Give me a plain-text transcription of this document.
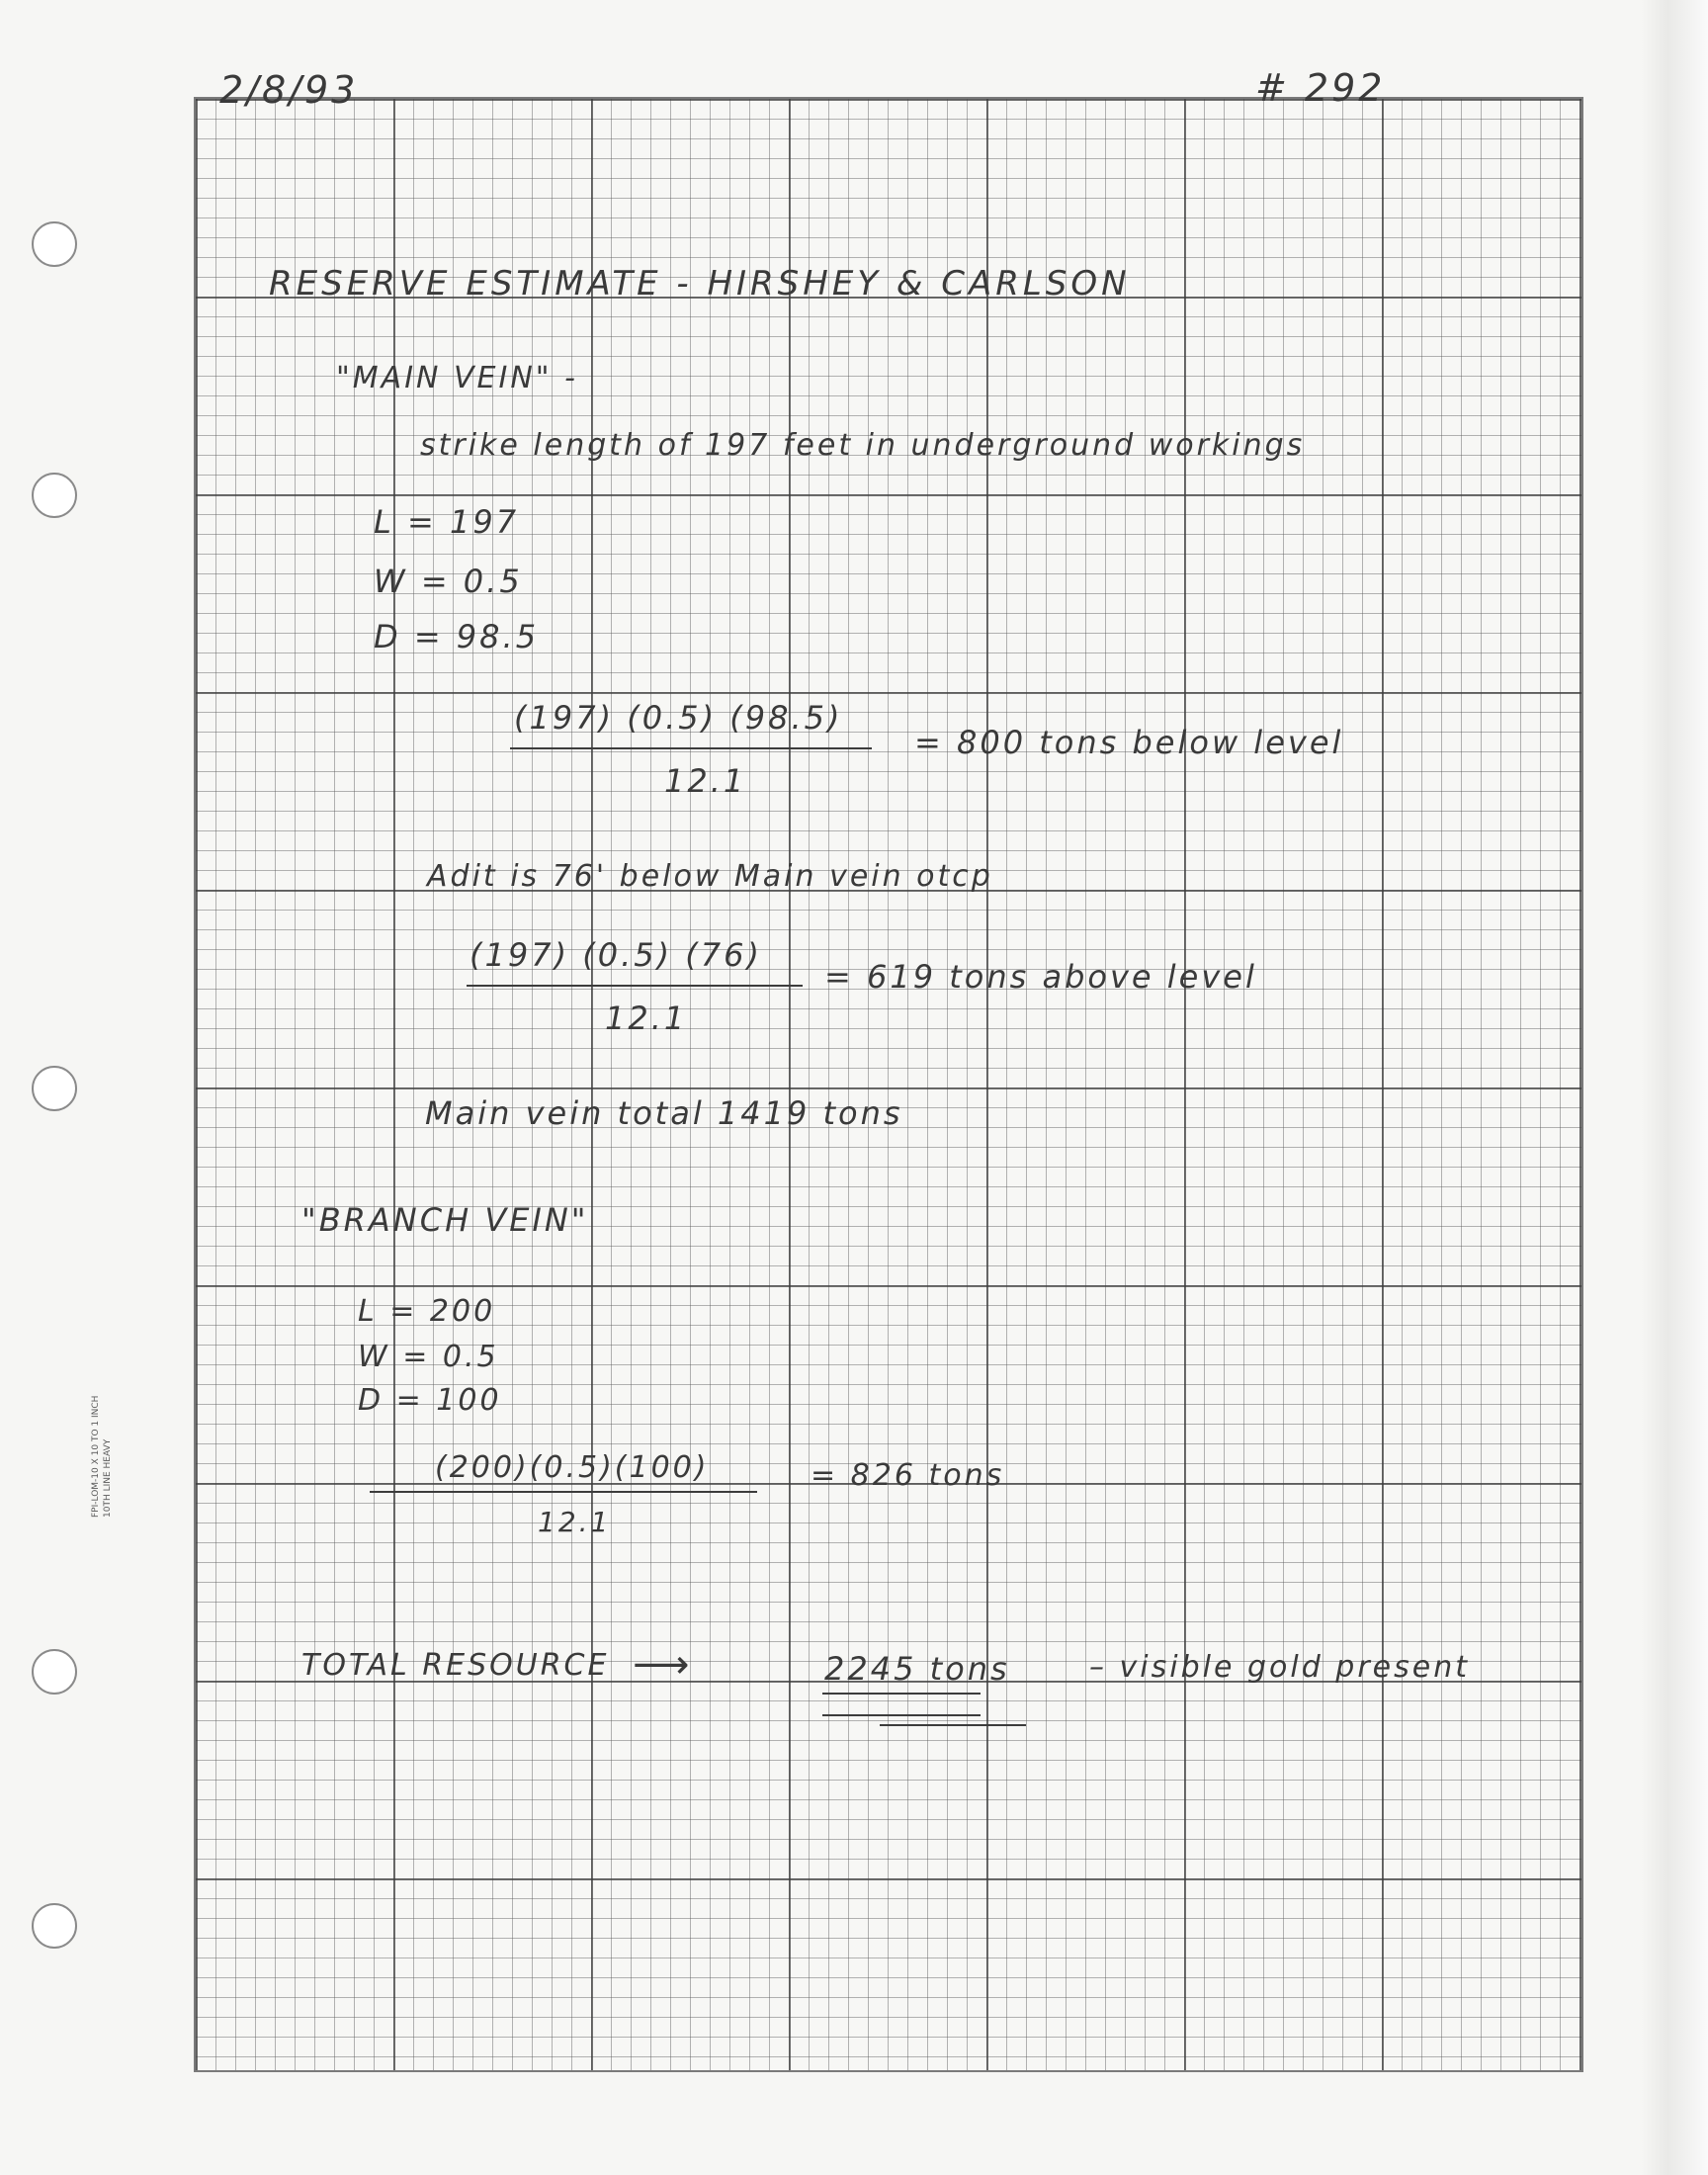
FPI-LOM-10 X 10 TO 1 INCH 10TH LINE HEAVY
2/8/93	# 292
RESERVE ESTIMATE - HIRSHEY & CARLSON
"MAIN VEIN" -
strike length of 197 feet in underground workings
L = 197
W = 0.5
D = 98.5
(197) (0.5) (98.5)
12.1
= 800 tons below level
Adit is 76' below Main vein otcp
(197) (0.5) (76)
12.1
= 619 tons above level
Main vein total 1419 tons
"BRANCH VEIN"
L = 200
W = 0.5
D = 100
(200)(0.5)(100)
12.1
= 826 tons
TOTAL RESOURCE ⟶	2245 tons	– visible gold present
